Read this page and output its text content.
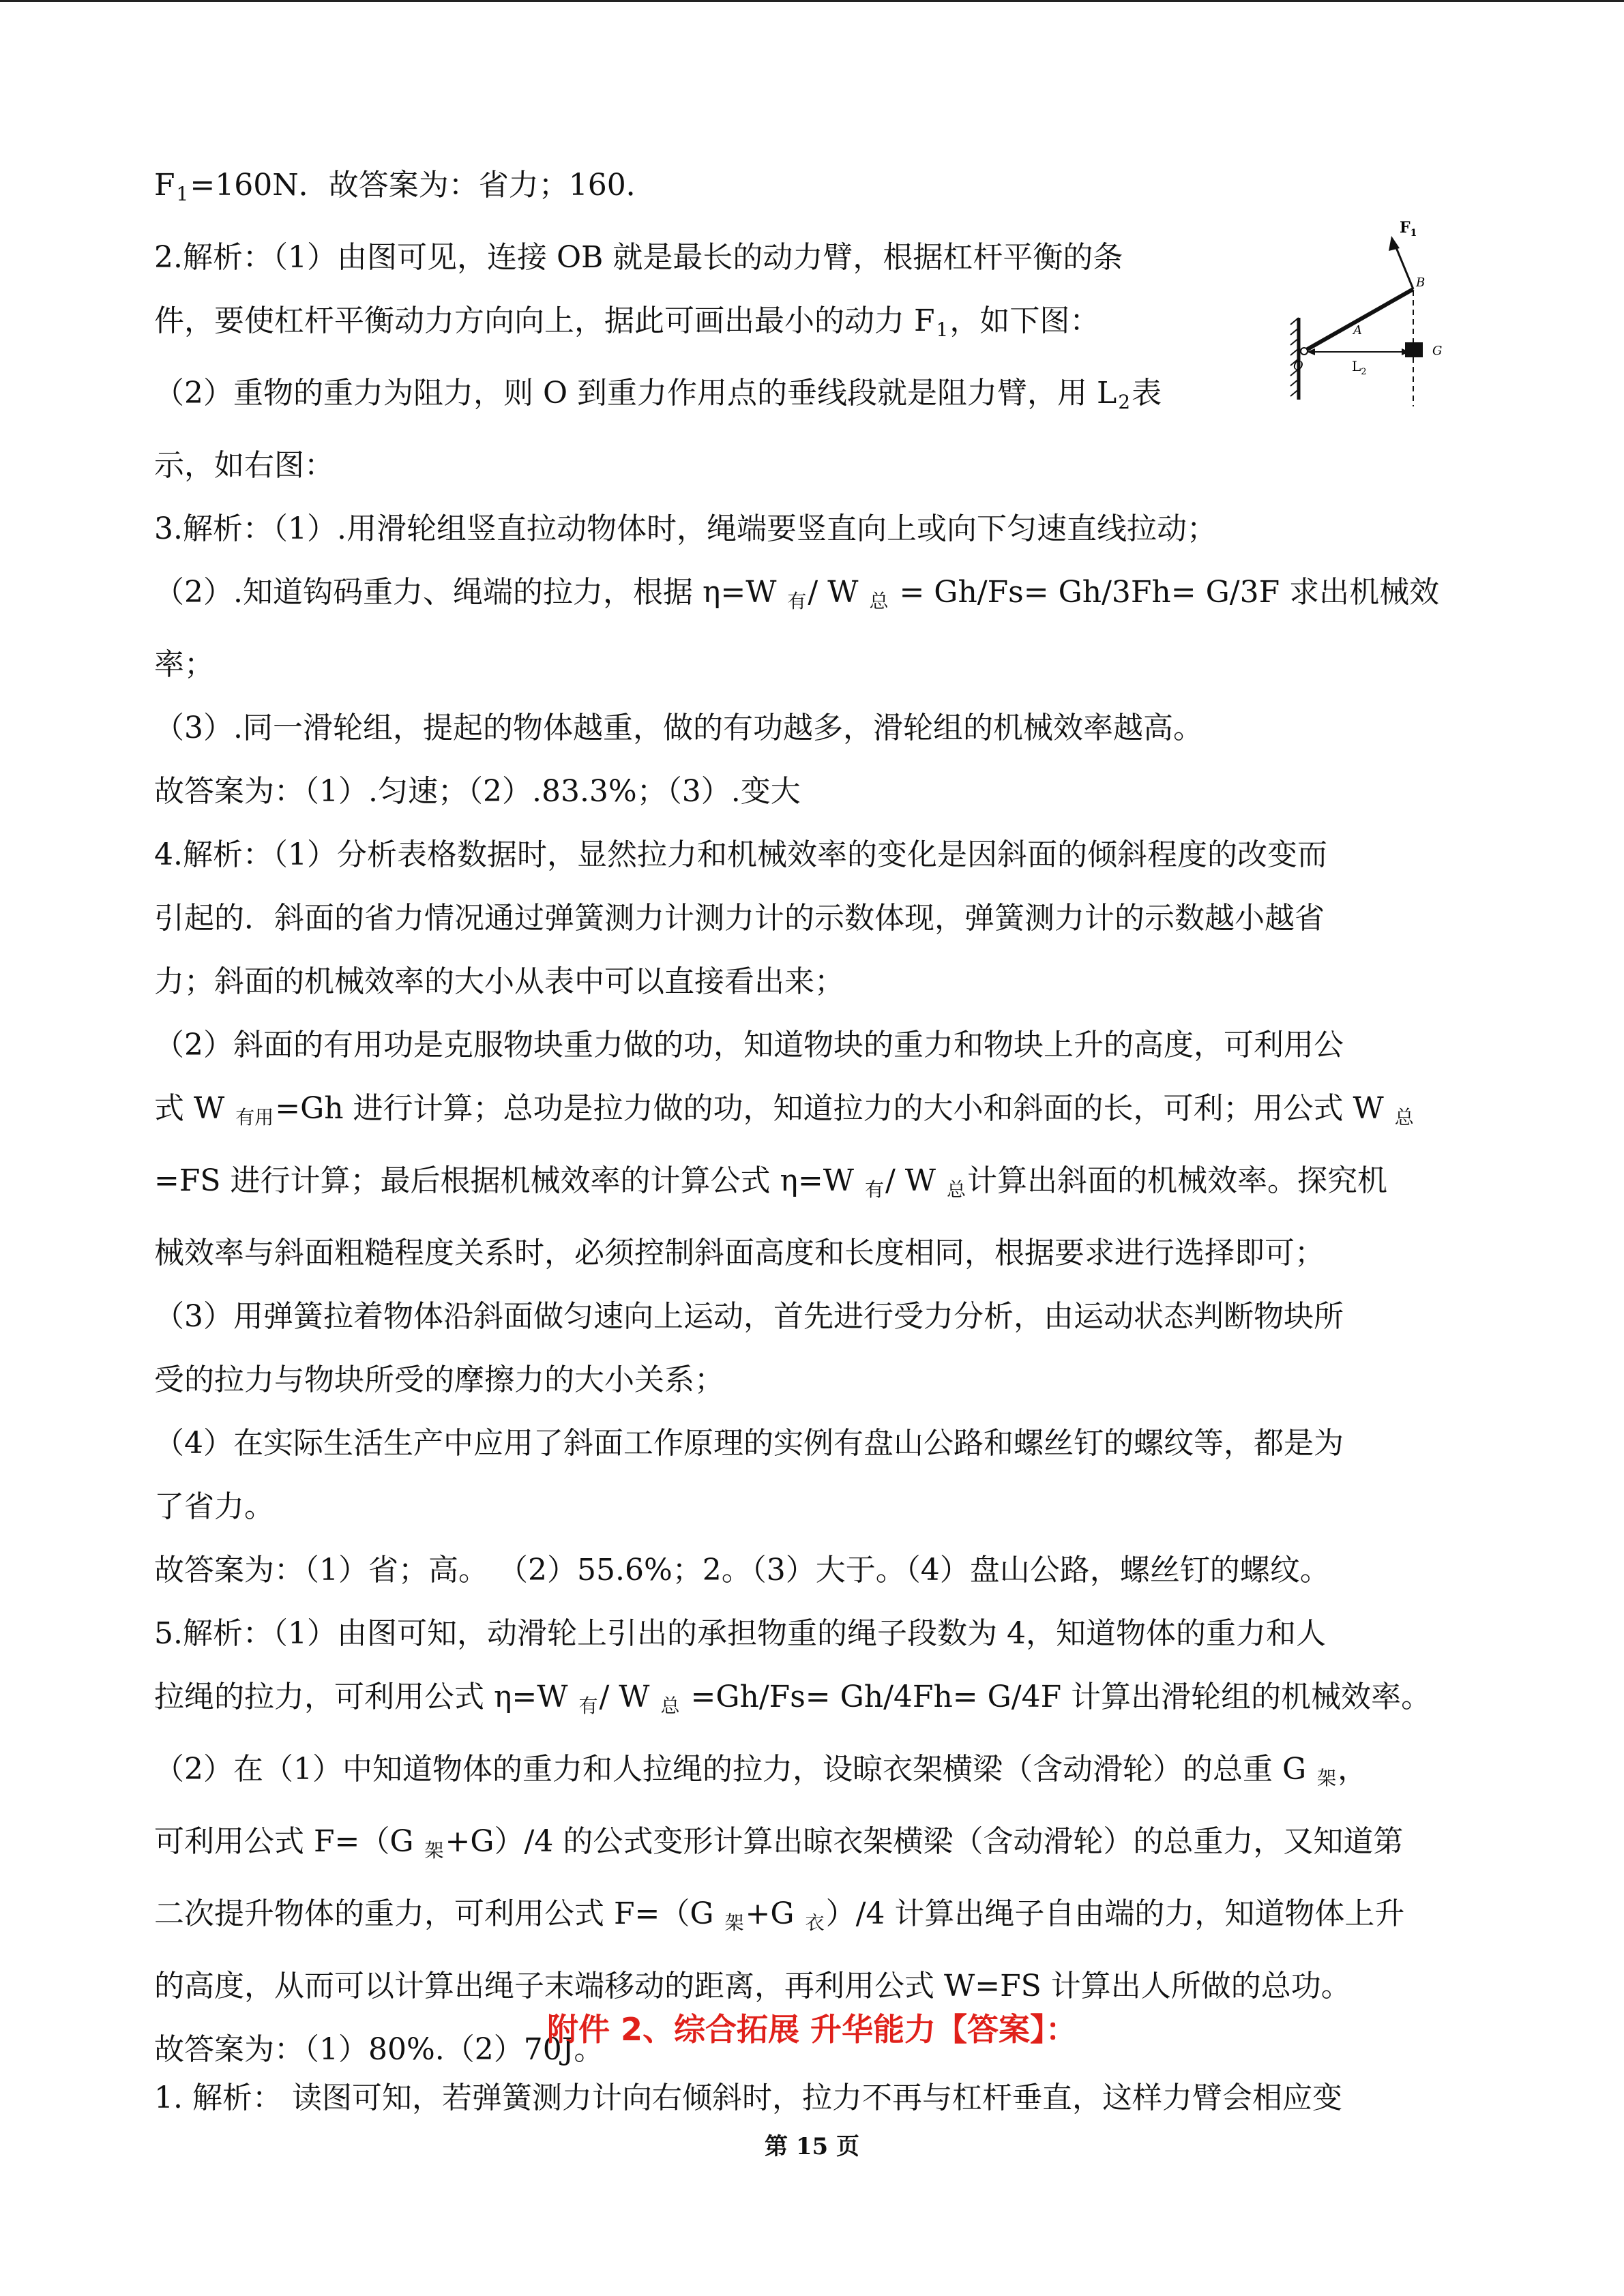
$F_1=160N$．故答案为：省力；160．

2.解析：（1）由图可见，连接 OB 就是最长的动力臂，根据杠杆平衡的条

件，要使杠杆平衡动力方向向上，据此可画出最小的动力 $F_1$，如下图：

（2）重物的重力为阻力，则 O 到重力作用点的垂线段就是阻力臂，用 $L_2$表

示，如右图：

3.解析：（1）.用滑轮组竖直拉动物体时，绳端要竖直向上或向下匀速直线拉动；

（2）.知道钩码重力、绳端的拉力，根据 η=W $_有$/ W $_总$ = Gh/Fs= Gh/3Fh= G/3F 求出机械效

率；

（3）.同一滑轮组，提起的物体越重，做的有功越多，滑轮组的机械效率越高。

故答案为：（1）.匀速；（2）.83.3%；（3）.变大

4.解析：（1）分析表格数据时，显然拉力和机械效率的变化是因斜面的倾斜程度的改变而

引起的．斜面的省力情况通过弹簧测力计测力计的示数体现，弹簧测力计的示数越小越省

力；斜面的机械效率的大小从表中可以直接看出来；

（2）斜面的有用功是克服物块重力做的功，知道物块的重力和物块上升的高度，可利用公

式 W $_{有用}$=Gh 进行计算；总功是拉力做的功，知道拉力的大小和斜面的长，可利；用公式 W $_总$

=FS 进行计算；最后根据机械效率的计算公式 η=W $_有$/ W $_总$计算出斜面的机械效率。探究机

械效率与斜面粗糙程度关系时，必须控制斜面高度和长度相同，根据要求进行选择即可；

（3）用弹簧拉着物体沿斜面做匀速向上运动，首先进行受力分析，由运动状态判断物块所

受的拉力与物块所受的摩擦力的大小关系；

（4）在实际生活生产中应用了斜面工作原理的实例有盘山公路和螺丝钉的螺纹等，都是为

了省力。

故答案为：（1）省；高。 （2）55.6%；2。（3）大于。（4）盘山公路，螺丝钉的螺纹。

5.解析：（1）由图可知，动滑轮上引出的承担物重的绳子段数为 4，知道物体的重力和人

拉绳的拉力，可利用公式 η=W $_有$/ W $_总$ =Gh/Fs= Gh/4Fh= G/4F 计算出滑轮组的机械效率。

（2）在（1）中知道物体的重力和人拉绳的拉力，设晾衣架横梁（含动滑轮）的总重 G $_架$，

可利用公式 F=（G $_架$+G）/4 的公式变形计算出晾衣架横梁（含动滑轮）的总重力，又知道第

二次提升物体的重力，可利用公式 F=（G $_架$+G $_衣$）/4 计算出绳子自由端的力，知道物体上升

的高度，从而可以计算出绳子末端移动的距离，再利用公式 W=FS 计算出人所做的总功。

故答案为：（1）80%.（2）70J。

$F_1$
B
A
O
G
$L_2$
附件 2、综合拓展 升华能力【答案】：
1. 解析： 读图可知，若弹簧测力计向右倾斜时，拉力不再与杠杆垂直，这样力臂会相应变
第 15 页
